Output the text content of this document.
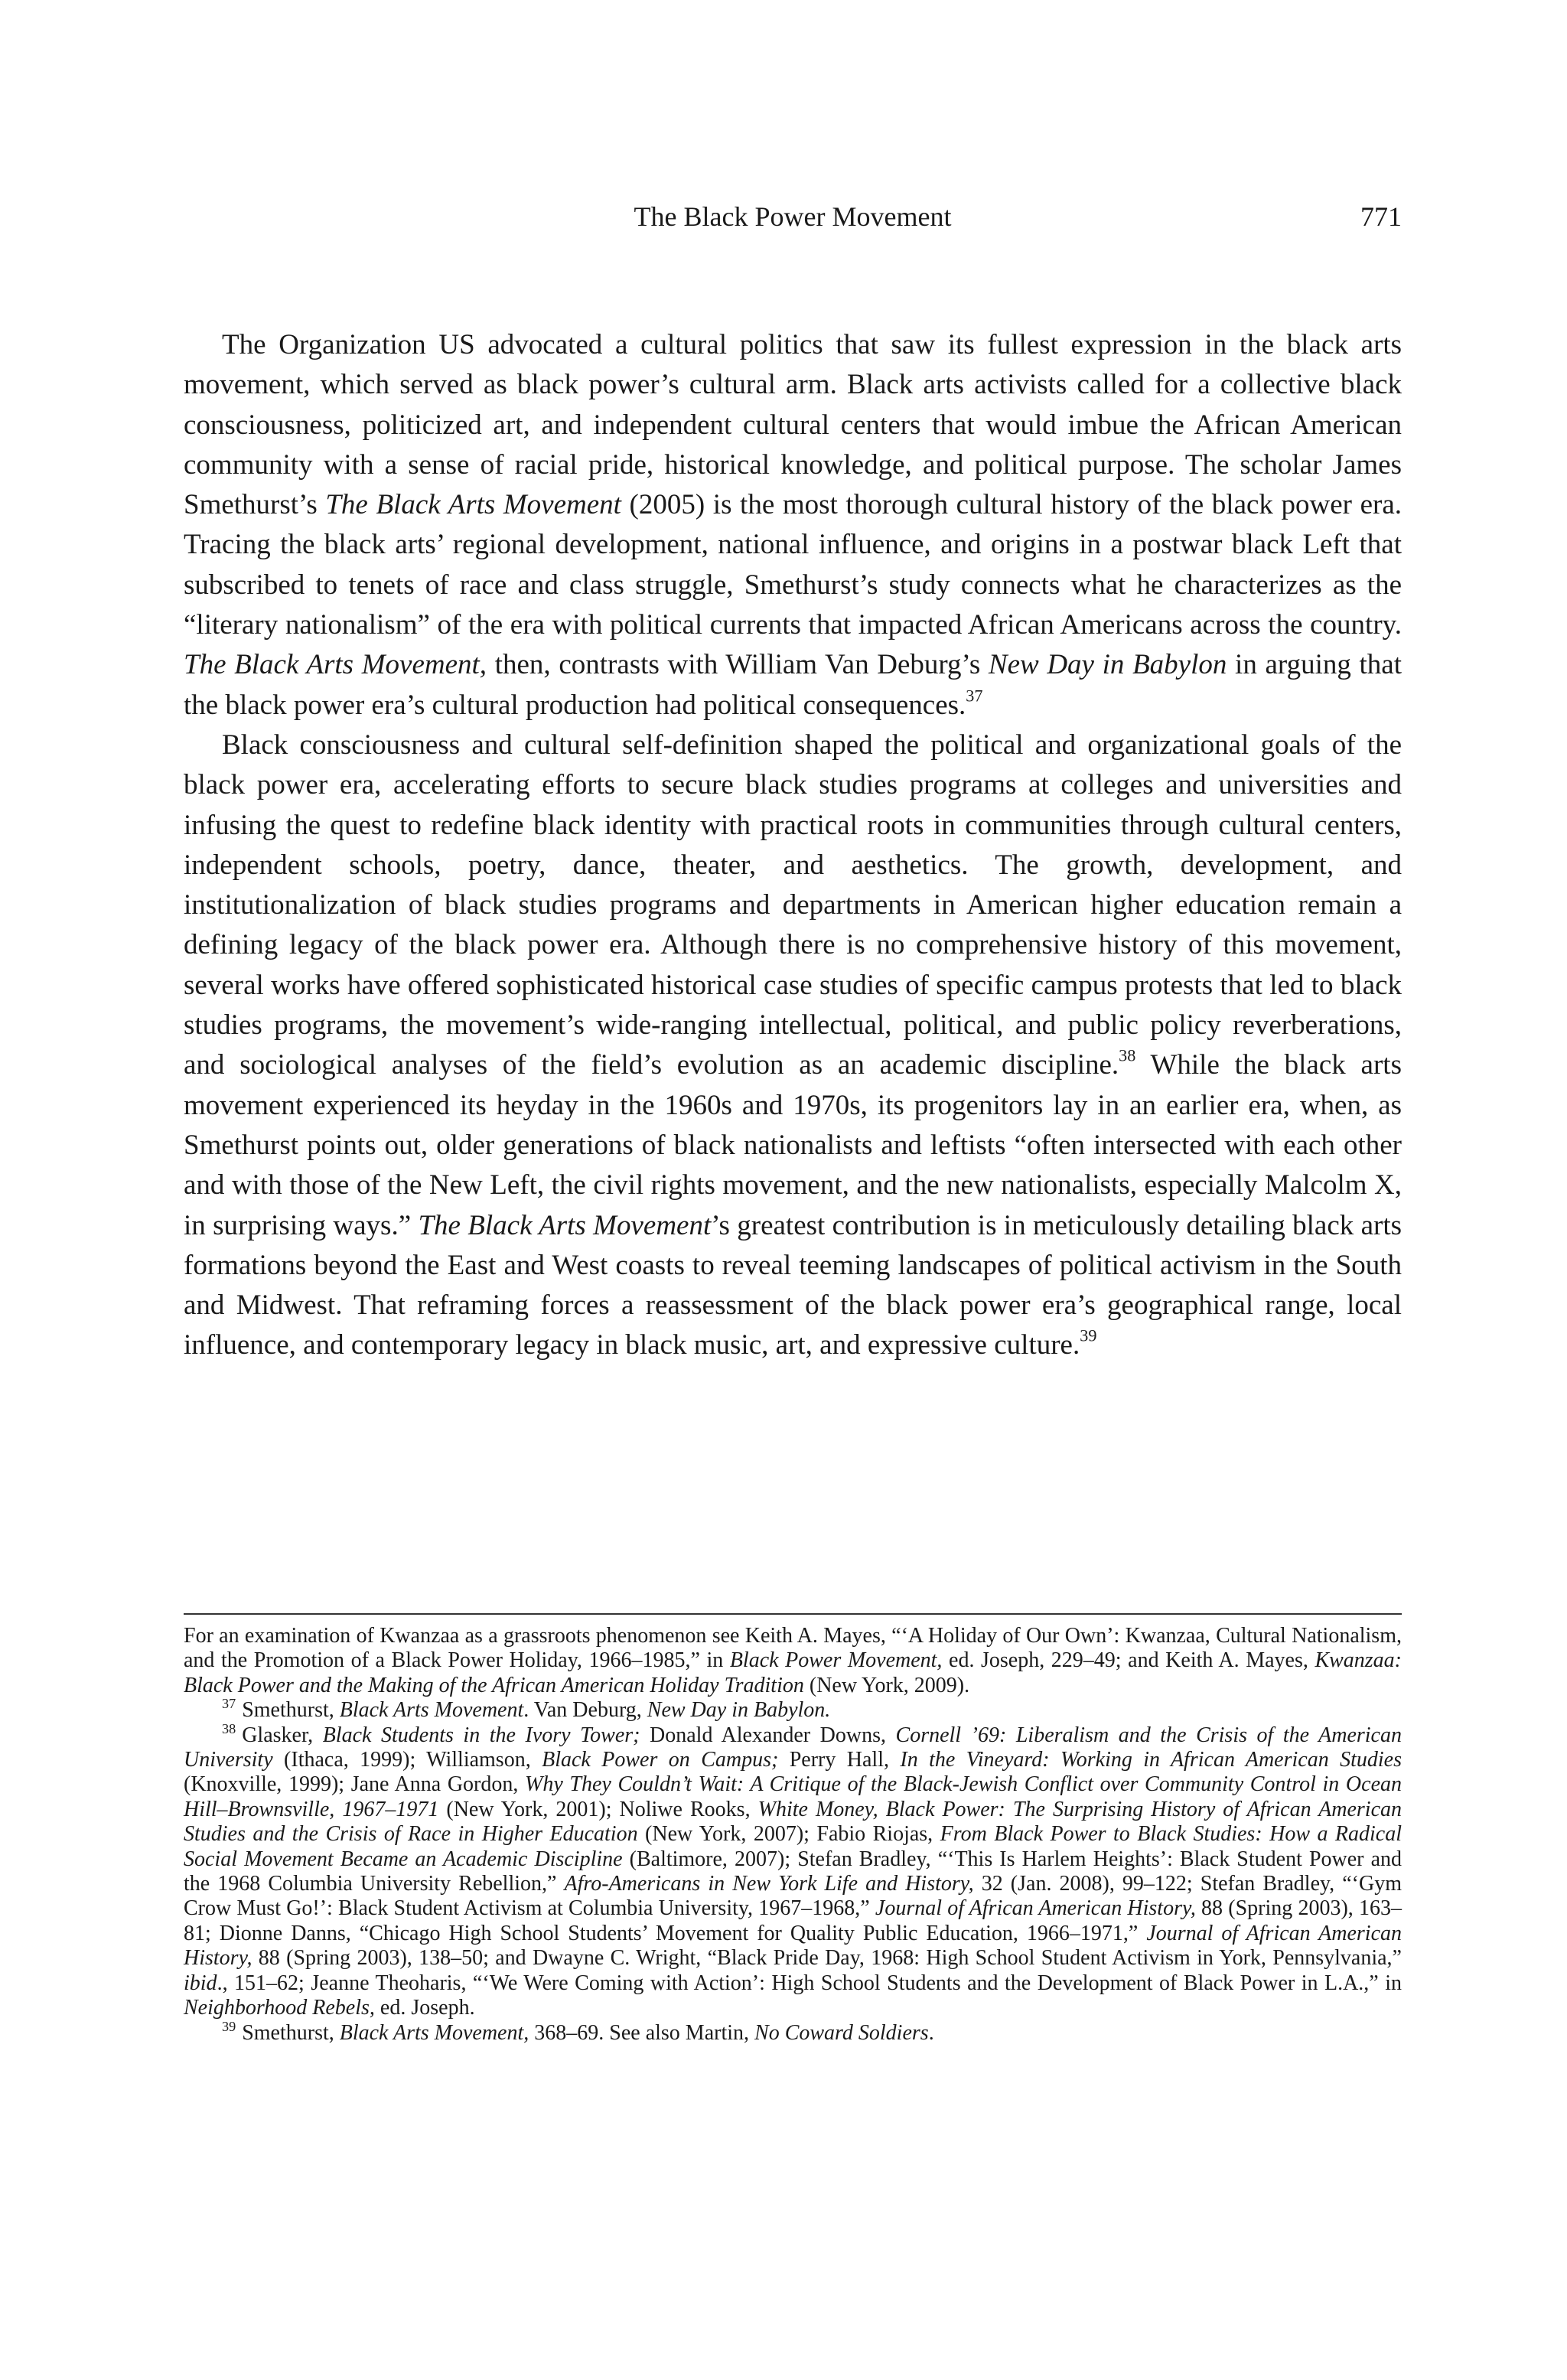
The Black Power Movement	771

The Organization US advocated a cultural politics that saw its fullest expression in the black arts movement, which served as black power’s cultural arm. Black arts activists called for a collective black consciousness, politicized art, and independent cultural centers that would imbue the African American community with a sense of racial pride, historical knowledge, and political purpose. The scholar James Smethurst’s The Black Arts Movement (2005) is the most thorough cultural history of the black power era. Tracing the black arts’ regional development, national influence, and origins in a postwar black Left that subscribed to tenets of race and class struggle, Smethurst’s study connects what he characterizes as the “literary nationalism” of the era with political currents that impacted African Americans across the country. The Black Arts Movement, then, contrasts with William Van Deburg’s New Day in Babylon in arguing that the black power era’s cultural production had political consequences.$^{37}$

Black consciousness and cultural self-definition shaped the political and organizational goals of the black power era, accelerating efforts to secure black studies programs at colleges and universities and infusing the quest to redefine black identity with practical roots in communities through cultural centers, independent schools, poetry, dance, theater, and aesthetics. The growth, development, and institutionalization of black studies programs and departments in American higher education remain a defining legacy of the black power era. Although there is no comprehensive history of this movement, several works have offered sophisticated historical case studies of specific campus protests that led to black studies programs, the movement’s wide-ranging intellectual, political, and public policy reverberations, and sociological analyses of the field’s evolution as an academic discipline.$^{38}$ While the black arts movement experienced its heyday in the 1960s and 1970s, its progenitors lay in an earlier era, when, as Smethurst points out, older generations of black nationalists and leftists “often intersected with each other and with those of the New Left, the civil rights movement, and the new nationalists, especially Malcolm X, in surprising ways.” The Black Arts Movement’s greatest contribution is in meticulously detailing black arts formations beyond the East and West coasts to reveal teeming landscapes of political activism in the South and Midwest. That reframing forces a reassessment of the black power era’s geographical range, local influence, and contemporary legacy in black music, art, and expressive culture.$^{39}$

For an examination of Kwanzaa as a grassroots phenomenon see Keith A. Mayes, “‘A Holiday of Our Own’: Kwanzaa, Cultural Nationalism, and the Promotion of a Black Power Holiday, 1966–1985,” in Black Power Movement, ed. Joseph, 229–49; and Keith A. Mayes, Kwanzaa: Black Power and the Making of the African American Holiday Tradition (New York, 2009).

$^{37}$ Smethurst, Black Arts Movement. Van Deburg, New Day in Babylon.

$^{38}$ Glasker, Black Students in the Ivory Tower; Donald Alexander Downs, Cornell ’69: Liberalism and the Crisis of the American University (Ithaca, 1999); Williamson, Black Power on Campus; Perry Hall, In the Vineyard: Working in African American Studies (Knoxville, 1999); Jane Anna Gordon, Why They Couldn’t Wait: A Critique of the Black-Jewish Conflict over Community Control in Ocean Hill–Brownsville, 1967–1971 (New York, 2001); Noliwe Rooks, White Money, Black Power: The Surprising History of African American Studies and the Crisis of Race in Higher Education (New York, 2007); Fabio Riojas, From Black Power to Black Studies: How a Radical Social Movement Became an Academic Discipline (Baltimore, 2007); Stefan Bradley, “‘This Is Harlem Heights’: Black Student Power and the 1968 Columbia University Rebellion,” Afro-Americans in New York Life and History, 32 (Jan. 2008), 99–122; Stefan Bradley, “‘Gym Crow Must Go!’: Black Student Activism at Columbia University, 1967–1968,” Journal of African American History, 88 (Spring 2003), 163–81; Dionne Danns, “Chicago High School Students’ Movement for Quality Public Education, 1966–1971,” Journal of African American History, 88 (Spring 2003), 138–50; and Dwayne C. Wright, “Black Pride Day, 1968: High School Student Activism in York, Pennsylvania,” ibid., 151–62; Jeanne Theoharis, “‘We Were Coming with Action’: High School Students and the Development of Black Power in L.A.,” in Neighborhood Rebels, ed. Joseph.

$^{39}$ Smethurst, Black Arts Movement, 368–69. See also Martin, No Coward Soldiers.
